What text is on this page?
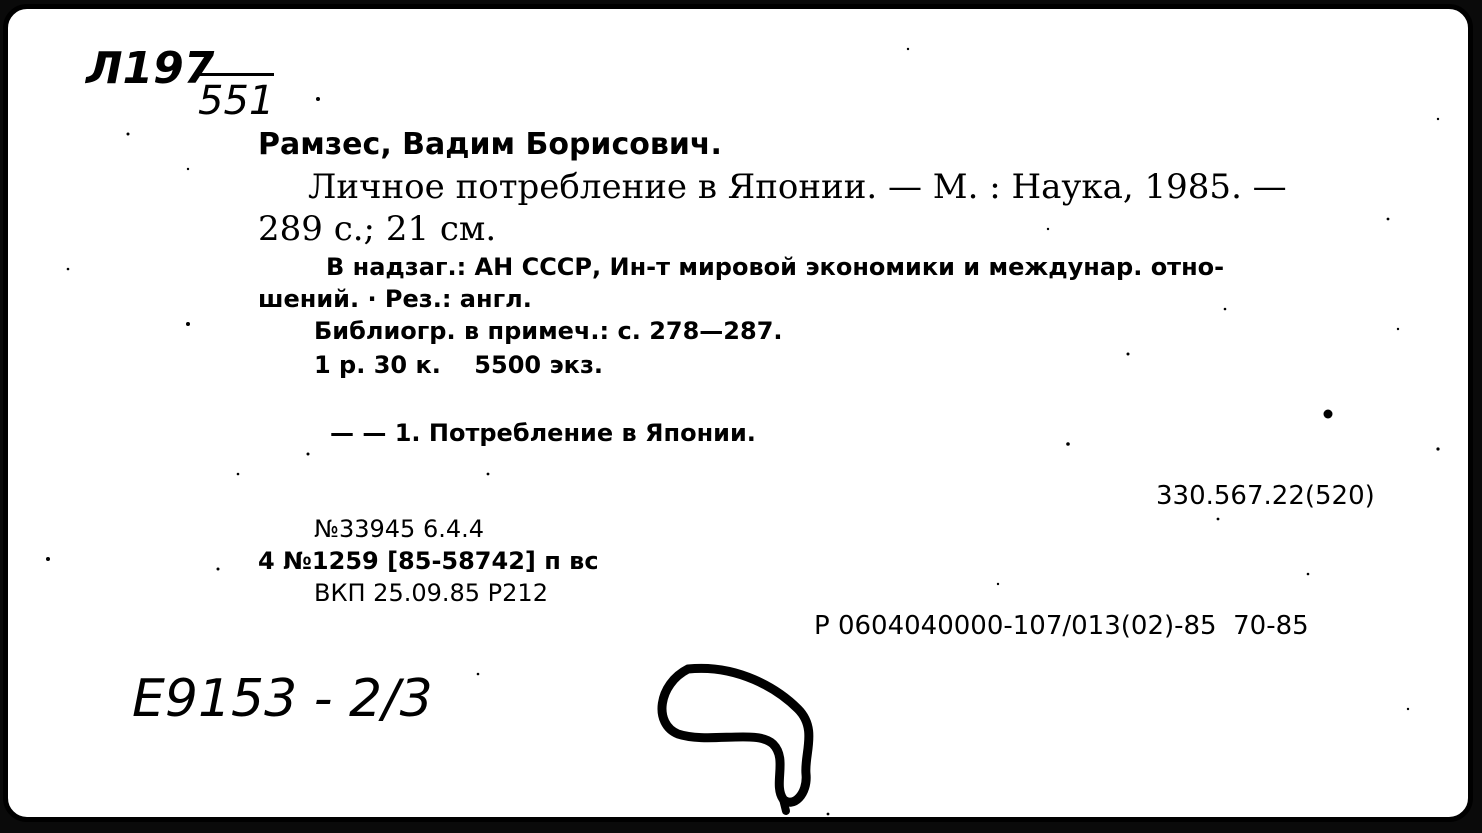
Л197
551
Рамзес, Вадим Борисович.
Личное потребление в Японии. — М. : Наука, 1985. —
289 с.; 21 см.
В надзаг.: АН СССР, Ин-т мировой экономики и междунар. отно-
шений. · Рез.: англ.
Библиогр. в примеч.: с. 278—287.
1 р. 30 к.    5500 экз.
— — 1. Потребление в Японии.
330.567.22(520)
№33945 6.4.4
4 №1259 [85-58742] п вс
ВКП 25.09.85 Р212
Р 0604040000-107/013(02)-85  70-85
Е9153 - 2/3
